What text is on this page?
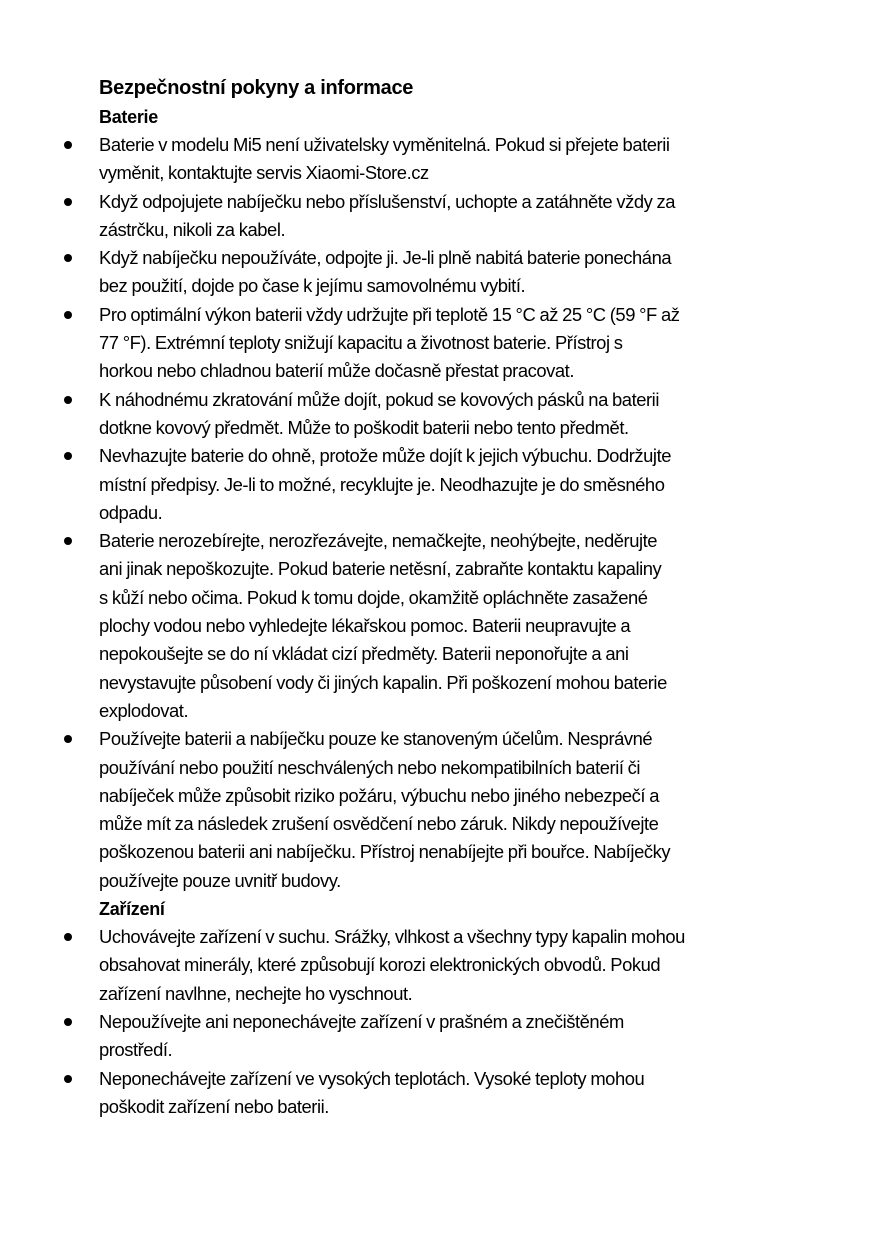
Bezpečnostní pokyny a informace
Baterie
Baterie v modelu Mi5 není uživatelsky vyměnitelná. Pokud si přejete baterii
vyměnit, kontaktujte servis Xiaomi-Store.cz
Když odpojujete nabíječku nebo příslušenství, uchopte a zatáhněte vždy za
zástrčku, nikoli za kabel.
Když nabíječku nepoužíváte, odpojte ji. Je-li plně nabitá baterie ponechána
bez použití, dojde po čase k jejímu samovolnému vybití.
Pro optimální výkon baterii vždy udržujte při teplotě 15 °C až 25 °C (59 °F až
77 °F). Extrémní teploty snižují kapacitu a životnost baterie. Přístroj s
horkou nebo chladnou baterií může dočasně přestat pracovat.
K náhodnému zkratování může dojít, pokud se kovových pásků na baterii
dotkne kovový předmět. Může to poškodit baterii nebo tento předmět.
Nevhazujte baterie do ohně, protože může dojít k jejich výbuchu. Dodržujte
místní předpisy. Je-li to možné, recyklujte je. Neodhazujte je do směsného
odpadu.
Baterie nerozebírejte, nerozřezávejte, nemačkejte, neohýbejte, neděrujte
ani jinak nepoškozujte. Pokud baterie netěsní, zabraňte kontaktu kapaliny
s kůží nebo očima. Pokud k tomu dojde, okamžitě opláchněte zasažené
plochy vodou nebo vyhledejte lékařskou pomoc. Baterii neupravujte a
nepokoušejte se do ní vkládat cizí předměty. Baterii neponořujte a ani
nevystavujte působení vody či jiných kapalin. Při poškození mohou baterie
explodovat.
Používejte baterii a nabíječku pouze ke stanoveným účelům. Nesprávné
používání nebo použití neschválených nebo nekompatibilních baterií či
nabíječek může způsobit riziko požáru, výbuchu nebo jiného nebezpečí a
může mít za následek zrušení osvědčení nebo záruk. Nikdy nepoužívejte
poškozenou baterii ani nabíječku. Přístroj nenabíjejte při bouřce. Nabíječky
používejte pouze uvnitř budovy.
Zařízení
Uchovávejte zařízení v suchu. Srážky, vlhkost a všechny typy kapalin mohou
obsahovat minerály, které způsobují korozi elektronických obvodů. Pokud
zařízení navlhne, nechejte ho vyschnout.
Nepoužívejte ani neponechávejte zařízení v prašném a znečištěném
prostředí.
Neponechávejte zařízení ve vysokých teplotách. Vysoké teploty mohou
poškodit zařízení nebo baterii.
